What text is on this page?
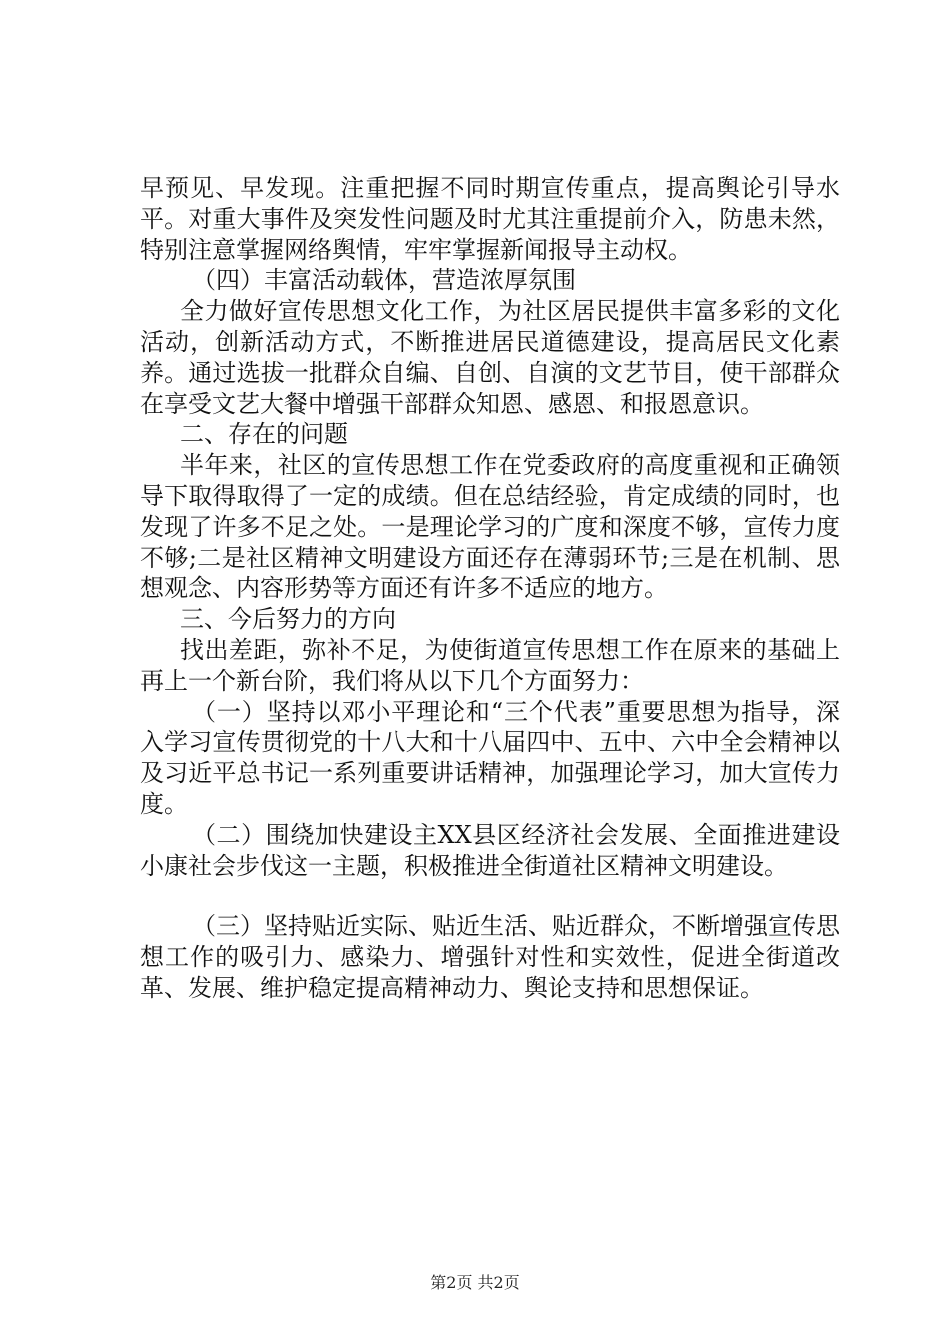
早预见、早发现。注重把握不同时期宣传重点，提高舆论引导水平。对重大事件及突发性问题及时尤其注重提前介入，防患未然，特别注意掌握网络舆情，牢牢掌握新闻报导主动权。

（四）丰富活动载体，营造浓厚氛围

全力做好宣传思想文化工作，为社区居民提供丰富多彩的文化活动，创新活动方式，不断推进居民道德建设，提高居民文化素养。通过选拔一批群众自编、自创、自演的文艺节目，使干部群众在享受文艺大餐中增强干部群众知恩、感恩、和报恩意识。

二、存在的问题

半年来，社区的宣传思想工作在党委政府的高度重视和正确领导下取得取得了一定的成绩。但在总结经验，肯定成绩的同时，也发现了许多不足之处。一是理论学习的广度和深度不够，宣传力度不够;二是社区精神文明建设方面还存在薄弱环节;三是在机制、思想观念、内容形势等方面还有许多不适应的地方。

三、今后努力的方向

找出差距，弥补不足，为使街道宣传思想工作在原来的基础上再上一个新台阶，我们将从以下几个方面努力：

（一）坚持以邓小平理论和“三个代表”重要思想为指导，深入学习宣传贯彻党的十八大和十八届四中、五中、六中全会精神以及习近平总书记一系列重要讲话精神，加强理论学习，加大宣传力度。

（二）围绕加快建设主XX县区经济社会发展、全面推进建设小康社会步伐这一主题，积极推进全街道社区精神文明建设。

（三）坚持贴近实际、贴近生活、贴近群众，不断增强宣传思想工作的吸引力、感染力、增强针对性和实效性，促进全街道改革、发展、维护稳定提高精神动力、舆论支持和思想保证。

第2页 共2页
